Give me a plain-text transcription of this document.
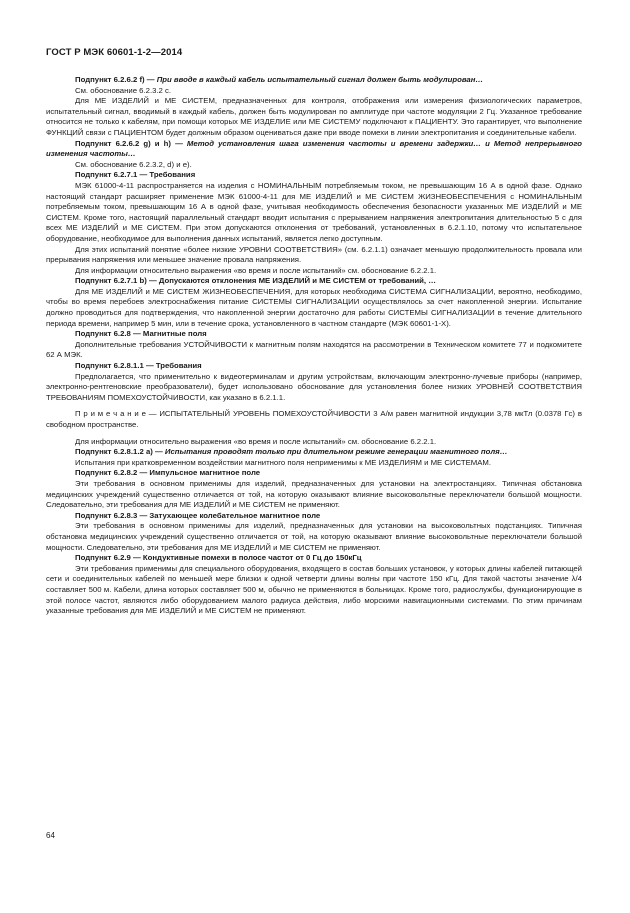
ГОСТ Р МЭК 60601-1-2—2014

Подпункт 6.2.6.2 f) — При вводе в каждый кабель испытательный сигнал должен быть модулирован…

См. обоснование 6.2.3.2 c.

Для МЕ ИЗДЕЛИЙ и МЕ СИСТЕМ, предназначенных для контроля, отображения или измерения физиологических параметров, испытательный сигнал, вводимый в каждый кабель, должен быть модулирован по амплитуде при частоте модуляции 2 Гц. Указанное требование относится не только к кабелям, при помощи которых МЕ ИЗДЕЛИЕ или МЕ СИСТЕМУ подключают к ПАЦИЕНТУ. Это гарантирует, что выполнение ФУНКЦИЙ связи с ПАЦИЕНТОМ будет должным образом оцениваться даже при вводе помехи в линии электропитания и соединительные кабели.

Подпункт 6.2.6.2 g) и h) — Метод установления шага изменения частоты и времени задержки… и Метод непрерывного изменения частоты…

См. обоснование 6.2.3.2, d) и e).

Подпункт 6.2.7.1 — Требования

МЭК 61000-4-11 распространяется на изделия с НОМИНАЛЬНЫМ потребляемым током, не превышающим 16 А в одной фазе. Однако настоящий стандарт расширяет применение МЭК 61000-4-11 для МЕ ИЗДЕЛИЙ и МЕ СИСТЕМ ЖИЗНЕОБЕСПЕЧЕНИЯ с НОМИНАЛЬНЫМ потребляемым током, превышающим 16 А в одной фазе, учитывая необходимость обеспечения безопасности указанных МЕ ИЗДЕЛИЙ и МЕ СИСТЕМ. Кроме того, настоящий параллельный стандарт вводит испытания с прерыванием напряжения электропитания длительностью 5 с для всех МЕ ИЗДЕЛИЙ и МЕ СИСТЕМ. При этом допускаются отклонения от требований, установленных в 6.2.1.10, потому что испытательное оборудование, необходимое для выполнения данных испытаний, является легко доступным.

Для этих испытаний понятие «более низкие УРОВНИ СООТВЕТСТВИЯ» (см. 6.2.1.1) означает меньшую продолжительность провала или прерывания напряжения или меньшее значение провала напряжения.

Для информации относительно выражения «во время и после испытаний» см. обоснование 6.2.2.1.

Подпункт 6.2.7.1 b) — Допускаются отклонения МЕ ИЗДЕЛИЙ и МЕ СИСТЕМ от требований, …

Для МЕ ИЗДЕЛИЙ и МЕ СИСТЕМ ЖИЗНЕОБЕСПЕЧЕНИЯ, для которых необходима СИСТЕМА СИГНАЛИЗАЦИИ, вероятно, необходимо, чтобы во время перебоев электроснабжения питание СИСТЕМЫ СИГНАЛИЗАЦИИ осуществлялось за счет накопленной энергии. Испытание должно проводиться для подтверждения, что накопленной энергии достаточно для работы СИСТЕМЫ СИГНАЛИЗАЦИИ в течение длительного периода времени, например 5 мин, или в течение срока, установленного в частном стандарте (МЭК 60601-1-Х).

Подпункт 6.2.8 — Магнитные поля

Дополнительные требования УСТОЙЧИВОСТИ к магнитным полям находятся на рассмотрении в Техническом комитете 77 и подкомитете 62 А МЭК.

Подпункт 6.2.8.1.1 — Требования

Предполагается, что применительно к видеотерминалам и другим устройствам, включающим электронно-лучевые приборы (например, электронно-рентгеновские преобразователи), будет использовано обоснование для установления более низких УРОВНЕЙ СООТВЕТСТВИЯ ТРЕБОВАНИЯМ ПОМЕХОУСТОЙЧИВОСТИ, как указано в 6.2.1.1.

П р и м е ч а н и е — ИСПЫТАТЕЛЬНЫЙ УРОВЕНЬ ПОМЕХОУСТОЙЧИВОСТИ 3 А/м равен магнитной индукции 3,78 мкТл (0.0378 Гс) в свободном пространстве.

Для информации относительно выражения «во время и после испытаний» см. обоснование 6.2.2.1.

Подпункт 6.2.8.1.2 a) — Испытания проводят только при длительном режиме генерации магнитного поля…

Испытания при кратковременном воздействии магнитного поля неприменимы к МЕ ИЗДЕЛИЯМ и МЕ СИСТЕМАМ.

Подпункт 6.2.8.2 — Импульсное магнитное поле

Эти требования в основном применимы для изделий, предназначенных для установки на электростанциях. Типичная обстановка медицинских учреждений существенно отличается от той, на которую оказывают влияние высоковольтные переключатели большой мощности. Следовательно, эти требования для МЕ ИЗДЕЛИЙ и МЕ СИСТЕМ не применяют.

Подпункт 6.2.8.3 — Затухающее колебательное магнитное поле

Эти требования в основном применимы для изделий, предназначенных для установки на высоковольтных подстанциях. Типичная обстановка медицинских учреждений существенно отличается от той, на которую оказывают влияние высоковольтные переключатели большой мощности. Следовательно, эти требования для МЕ ИЗДЕЛИЙ и МЕ СИСТЕМ не применяют.

Подпункт 6.2.9 — Кондуктивные помехи в полосе частот от 0 Гц до 150кГц

Эти требования применимы для специального оборудования, входящего в состав больших установок, у которых длины кабелей питающей сети и соединительных кабелей по меньшей мере близки к одной четверти длины волны при частоте 150 кГц. Для такой частоты значение λ/4 составляет 500 м. Кабели, длина которых составляет 500 м, обычно не применяются в больницах. Кроме того, радиослужбы, функционирующие в этой полосе частот, являются либо оборудованием малого радиуса действия, либо морскими навигационными системами. По этим причинам указанные требования для МЕ ИЗДЕЛИЙ и МЕ СИСТЕМ не применяют.

64
